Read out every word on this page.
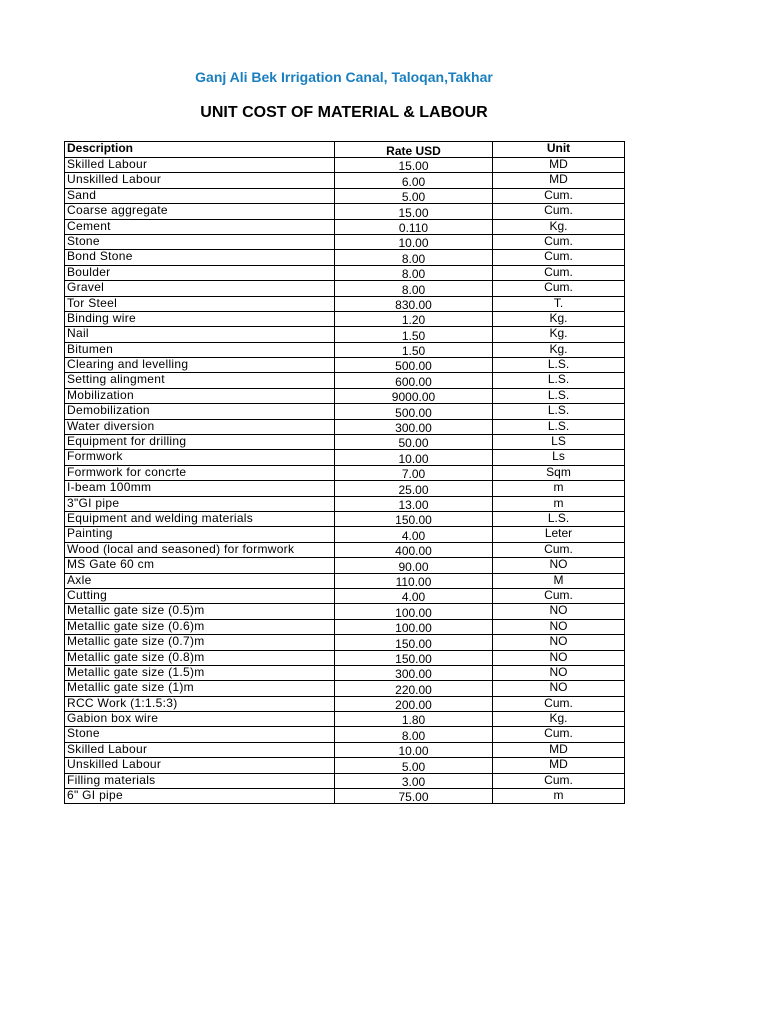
Ganj Ali Bek Irrigation Canal, Taloqan,Takhar
UNIT COST OF MATERIAL & LABOUR
Description	Rate USD	Unit
Skilled Labour	15.00	MD
Unskilled Labour	6.00	MD
Sand	5.00	Cum.
Coarse aggregate	15.00	Cum.
Cement	0.110	Kg.
Stone	10.00	Cum.
Bond Stone	8.00	Cum.
Boulder	8.00	Cum.
Gravel	8.00	Cum.
Tor Steel	830.00	T.
Binding wire	1.20	Kg.
Nail	1.50	Kg.
Bitumen	1.50	Kg.
Clearing and levelling	500.00	L.S.
Setting alingment	600.00	L.S.
Mobilization	9000.00	L.S.
Demobilization	500.00	L.S.
Water diversion	300.00	L.S.
Equipment for drilling	50.00	LS
Formwork	10.00	Ls
Formwork for concrte	7.00	Sqm
I-beam 100mm	25.00	m
3"GI pipe	13.00	m
Equipment and welding materials	150.00	L.S.
Painting	4.00	Leter
Wood (local and seasoned) for formwork	400.00	Cum.
MS Gate 60 cm	90.00	NO
Axle	110.00	M
Cutting	4.00	Cum.
Metallic gate size (0.5)m	100.00	NO
Metallic gate size (0.6)m	100.00	NO
Metallic gate size (0.7)m	150.00	NO
Metallic gate size (0.8)m	150.00	NO
Metallic gate size (1.5)m	300.00	NO
Metallic gate size (1)m	220.00	NO
RCC Work (1:1.5:3)	200.00	Cum.
Gabion box wire	1.80	Kg.
Stone	8.00	Cum.
Skilled Labour	10.00	MD
Unskilled Labour	5.00	MD
Filling materials	3.00	Cum.
6" GI pipe	75.00	m
